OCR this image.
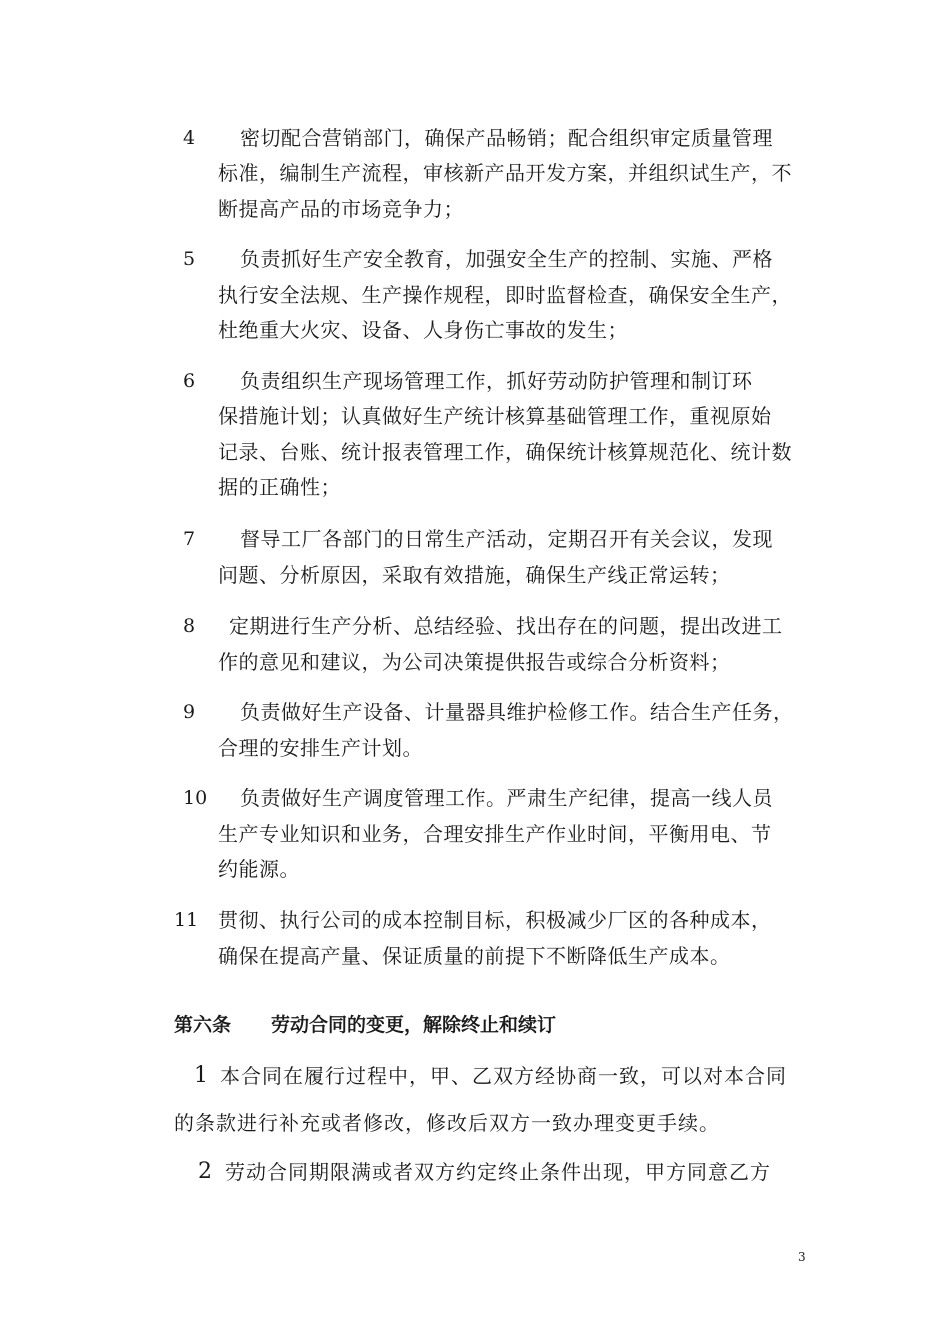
4 密切配合营销部门，确保产品畅销；配合组织审定质量管理
标准，编制生产流程，审核新产品开发方案，并组织试生产，不
断提高产品的市场竞争力；
5 负责抓好生产安全教育，加强安全生产的控制、实施、严格
执行安全法规、生产操作规程，即时监督检查，确保安全生产，
杜绝重大火灾、设备、人身伤亡事故的发生；
6 负责组织生产现场管理工作，抓好劳动防护管理和制订环
保措施计划；认真做好生产统计核算基础管理工作，重视原始
记录、台账、统计报表管理工作，确保统计核算规范化、统计数
据的正确性；
7 督导工厂各部门的日常生产活动，定期召开有关会议，发现
问题、分析原因，采取有效措施，确保生产线正常运转；
8 定期进行生产分析、总结经验、找出存在的问题，提出改进工
作的意见和建议，为公司决策提供报告或综合分析资料；
9 负责做好生产设备、计量器具维护检修工作。结合生产任务，
合理的安排生产计划。
10 负责做好生产调度管理工作。严肃生产纪律，提高一线人员
生产专业知识和业务，合理安排生产作业时间，平衡用电、节
约能源。
11 贯彻、执行公司的成本控制目标，积极减少厂区的各种成本，
确保在提高产量、保证质量的前提下不断降低生产成本。
第六条 劳动合同的变更，解除终止和续订
1 本合同在履行过程中，甲、乙双方经协商一致，可以对本合同
的条款进行补充或者修改，修改后双方一致办理变更手续。
2 劳动合同期限满或者双方约定终止条件出现，甲方同意乙方
3
